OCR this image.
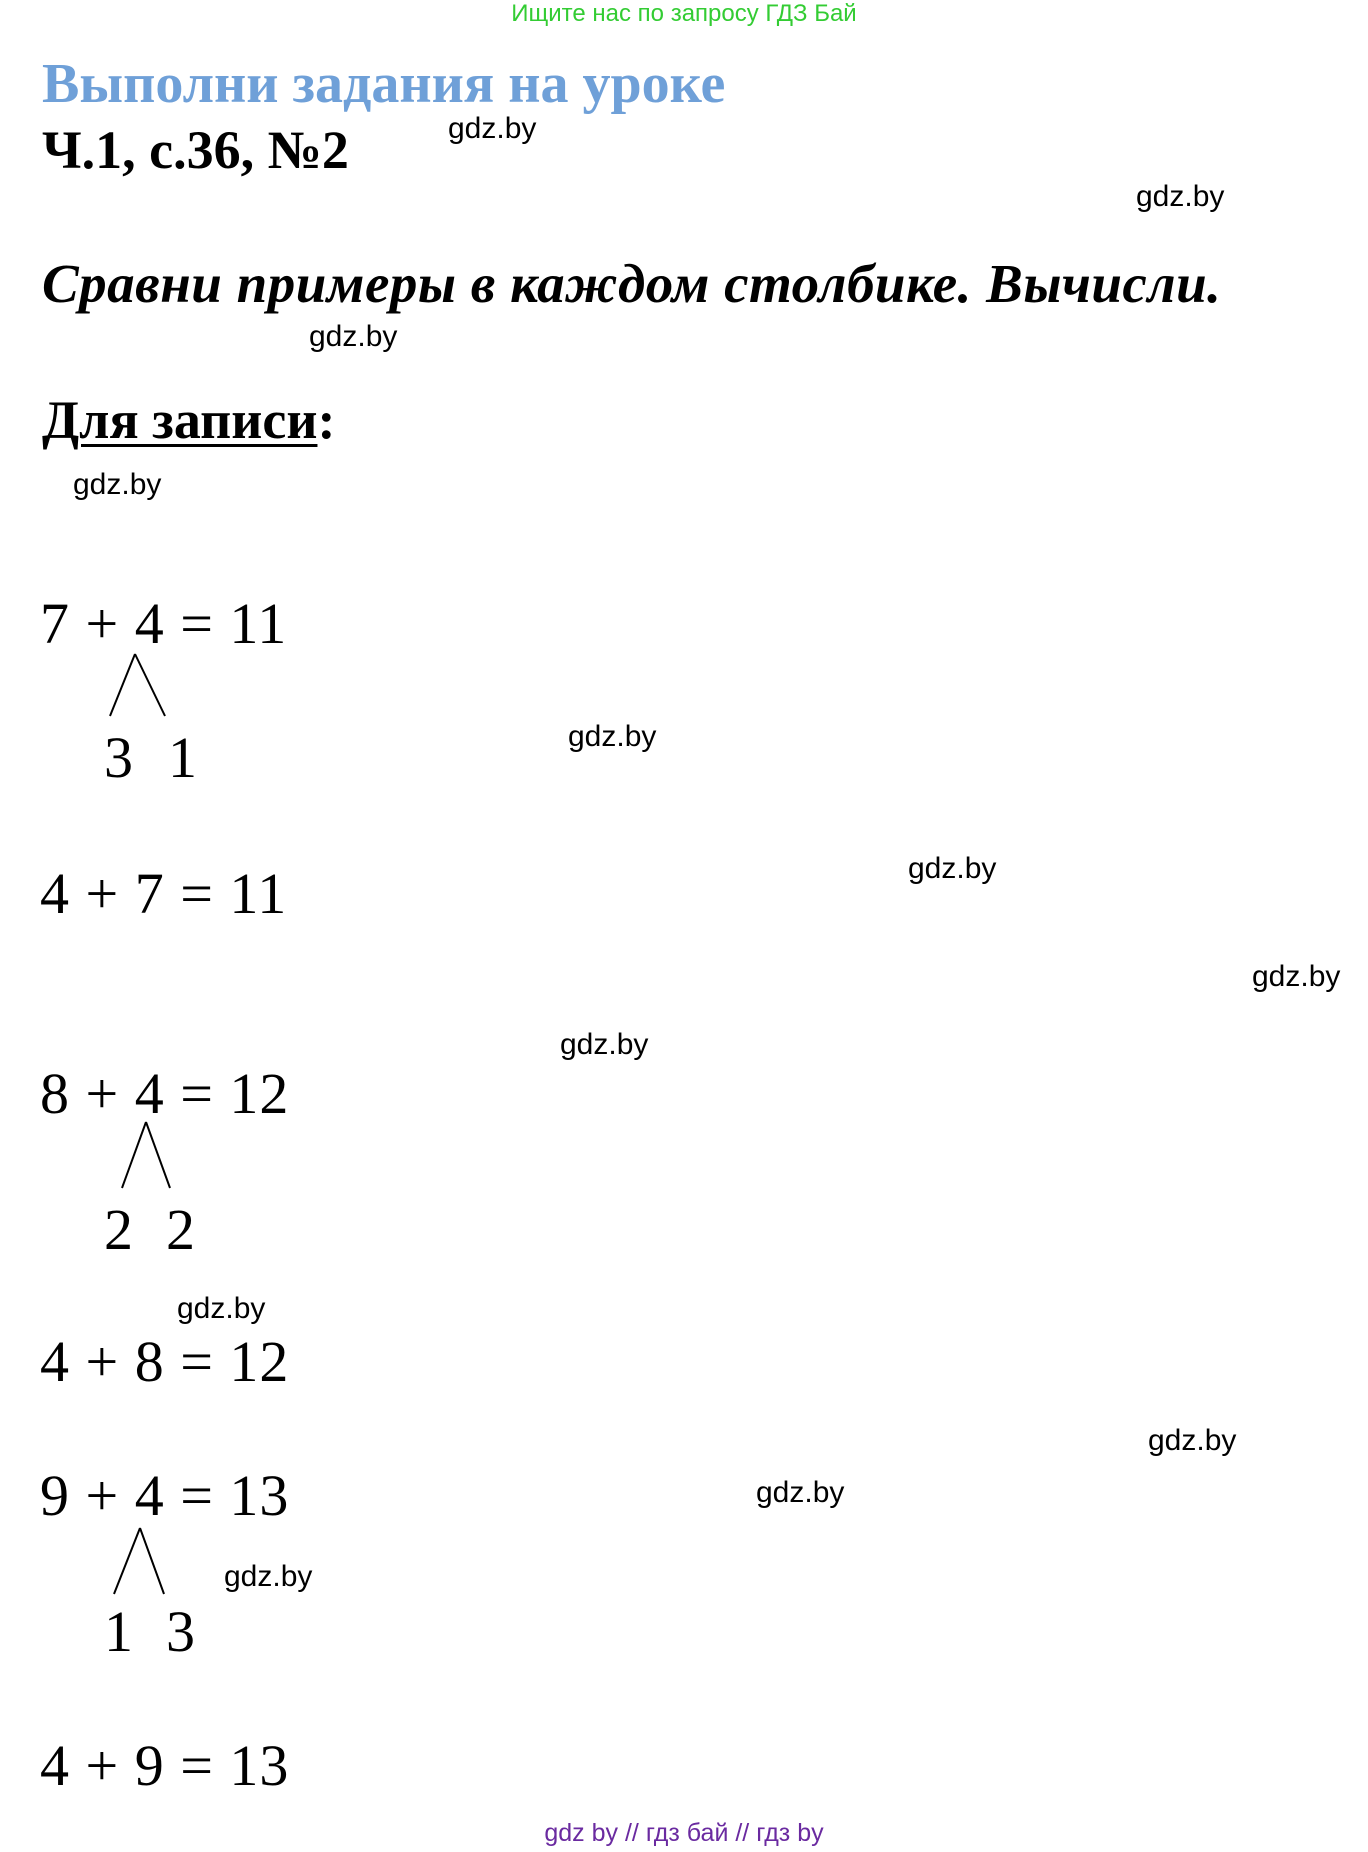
Ищите нас по запросу ГДЗ Бай
Выполни задания на уроке
Ч.1, с.36, №2
Сравни примеры в каждом столбике. Вычисли.
Для записи:
7 + 4 = 11
3 1
4 + 7 = 11
8 + 4 = 12
2 2
4 + 8 = 12
9 + 4 = 13
1 3
4 + 9 = 13
gdz.by
gdz.by
gdz.by
gdz.by
gdz.by
gdz.by
gdz.by
gdz.by
gdz.by
gdz.by
gdz.by
gdz.by
gdz by // гдз бай // гдз by
